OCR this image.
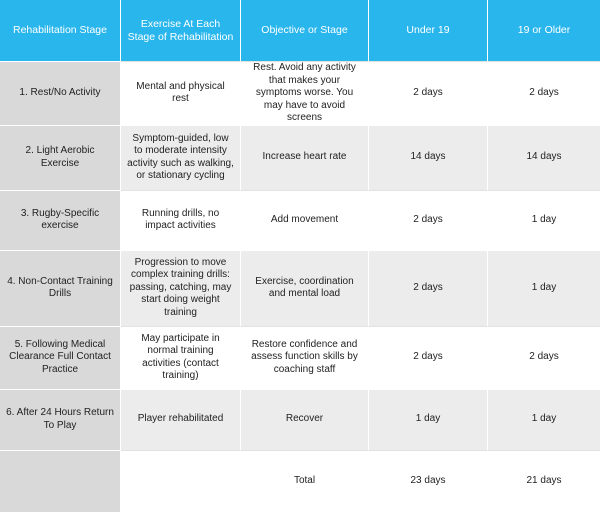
Rehabilitation Stage	Exercise At Each Stage of Rehabilitation	Objective or Stage	Under 19	19 or Older
1. Rest/No Activity	Mental and physical rest	Rest. Avoid any activity that makes your symptoms worse. You may have to avoid screens	2 days	2 days
2. Light Aerobic Exercise	Symptom-guided, low to moderate intensity activity such as walking, or stationary cycling	Increase heart rate	14 days	14 days
3. Rugby-Specific exercise	Running drills, no impact activities	Add movement	2 days	1 day
4. Non-Contact Training Drills	Progression to move complex training drills: passing, catching, may start doing weight training	Exercise, coordination and mental load	2 days	1 day
5. Following Medical Clearance Full Contact Practice	May participate in normal training activities (contact training)	Restore confidence and assess function skills by coaching staff	2 days	2 days
6. After 24 Hours Return To Play	Player rehabilitated	Recover	1 day	1 day
		Total	23 days	21 days
